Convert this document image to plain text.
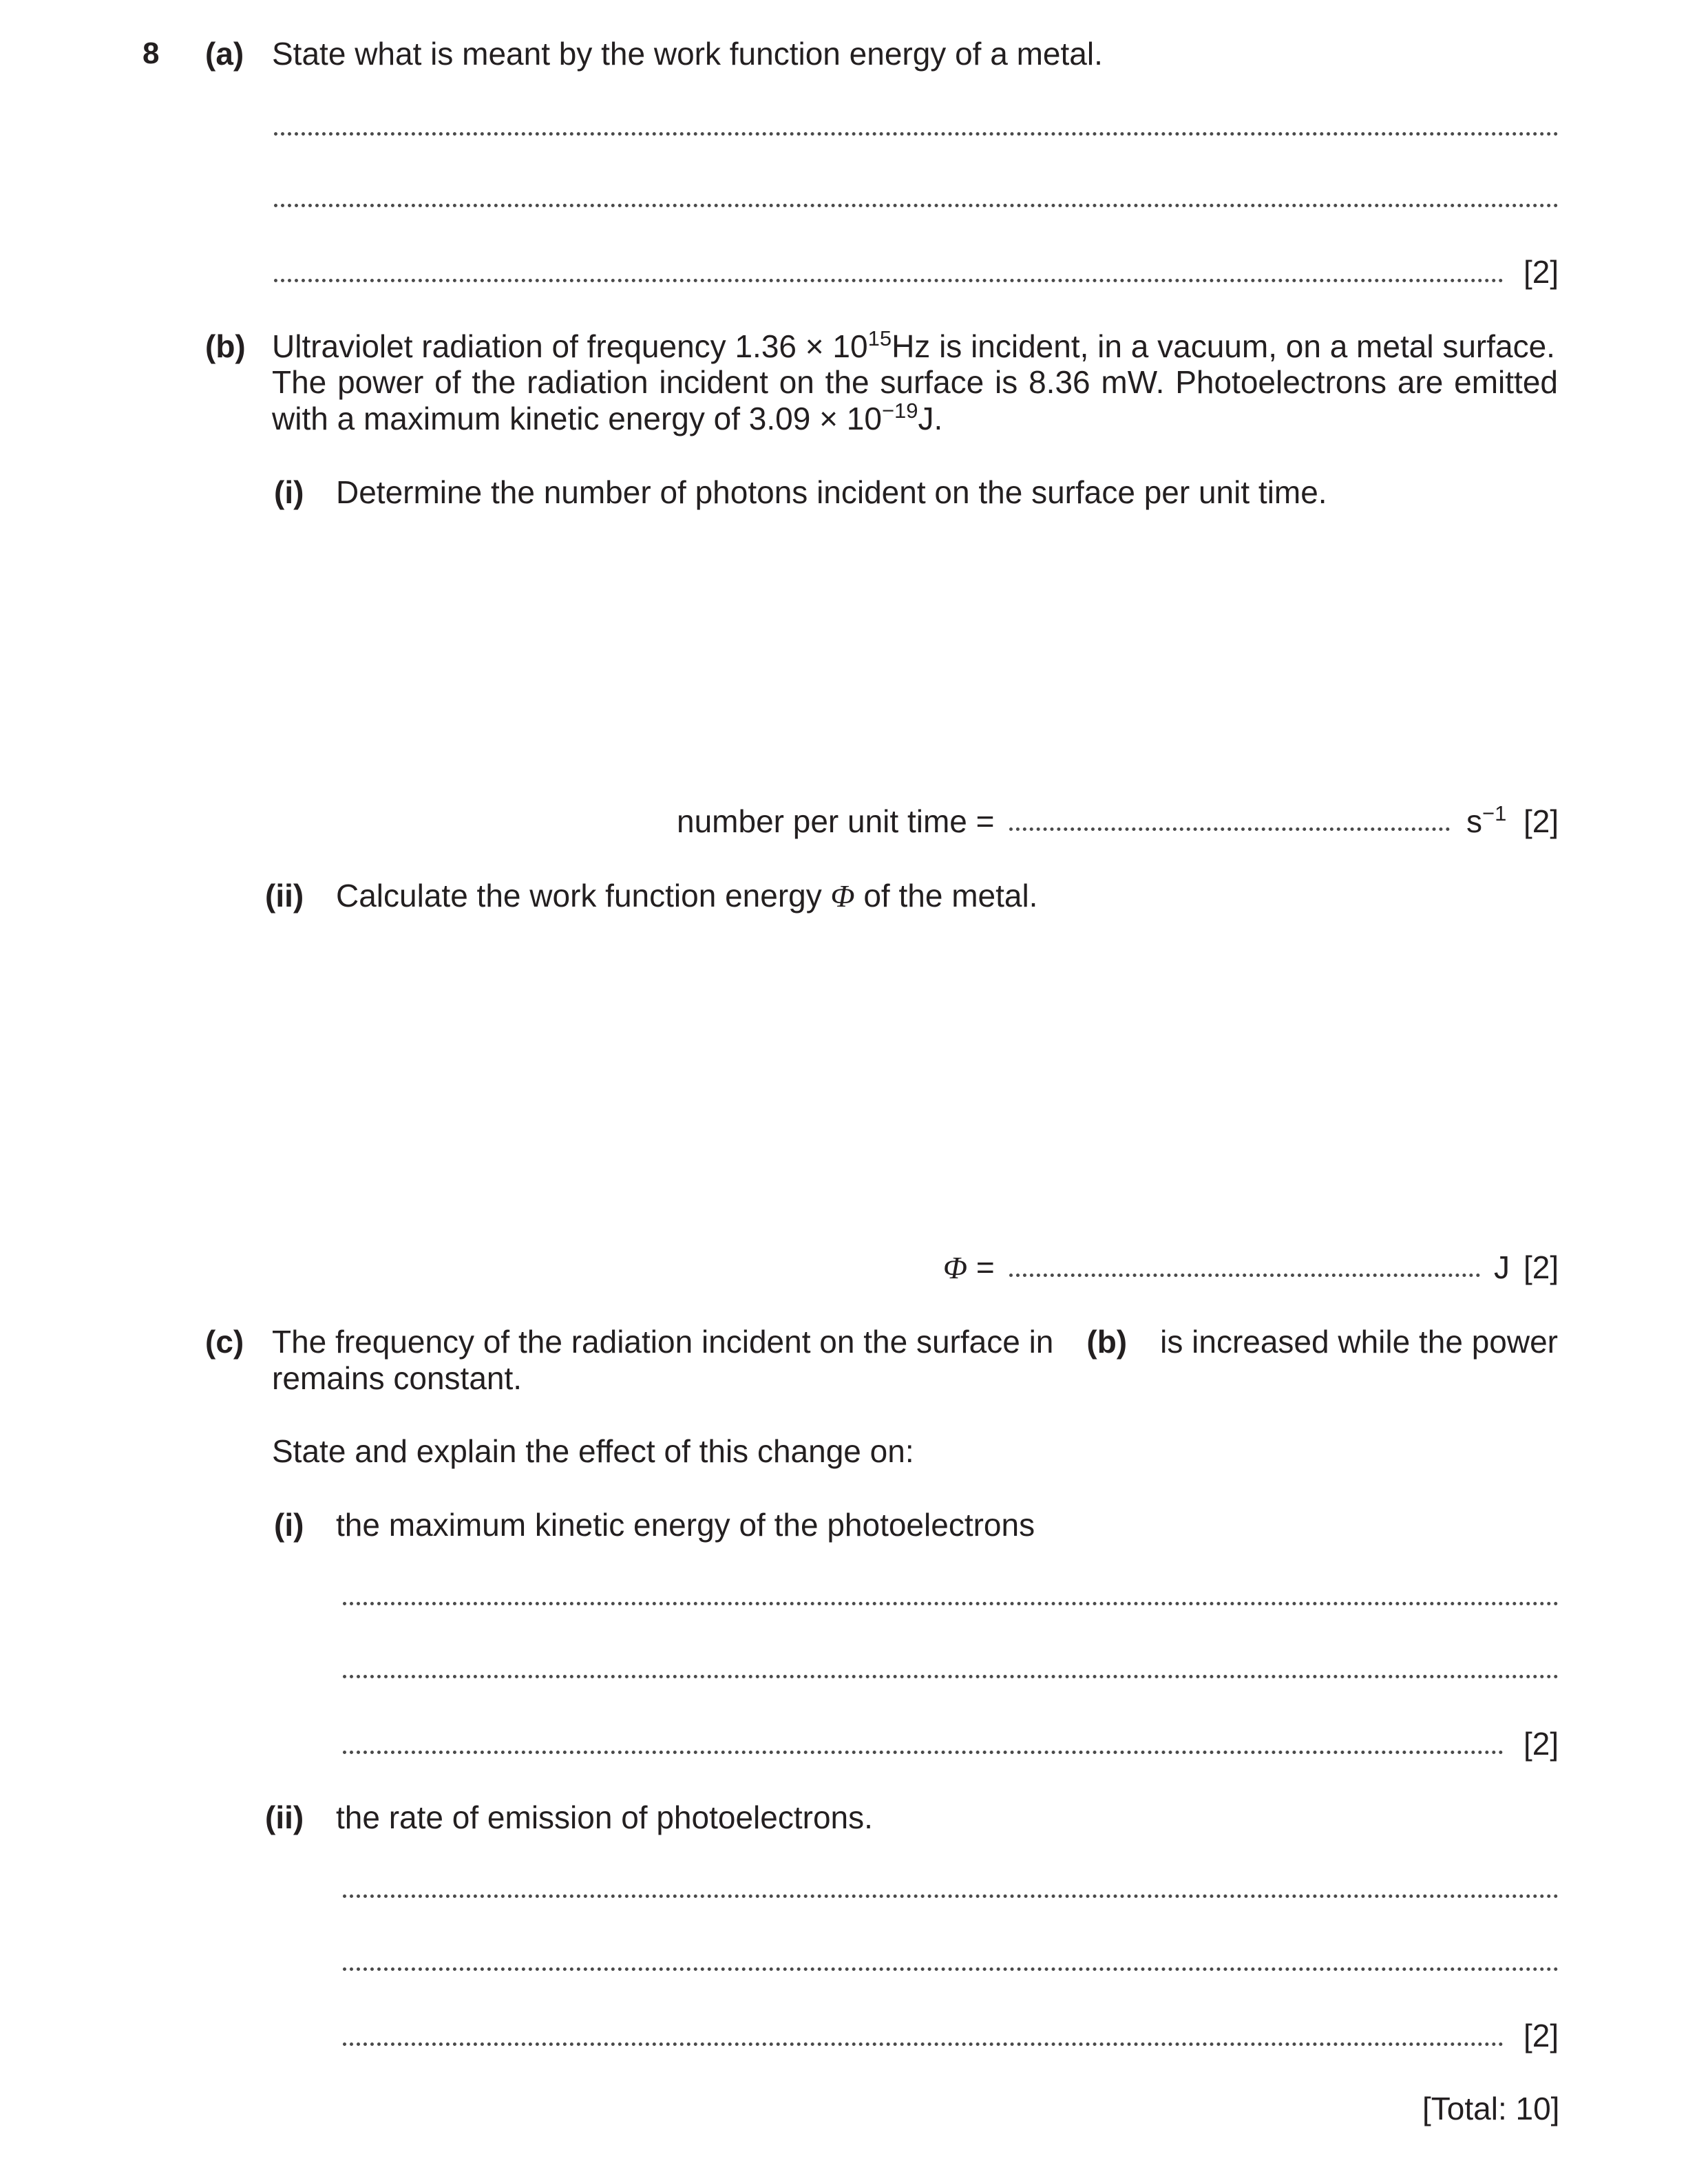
8 (a) State what is meant by the work function energy of a metal.
[2]
(b) Ultraviolet radiation of frequency $1.36 \times 10^{15}Hz$ is incident, in a vacuum, on a metal surface.
The power of the radiation incident on the surface is 8.36 mW. Photoelectrons are emitted
with a maximum kinetic energy of $3.09 \times 10^{-19}J$.
(i) Determine the number of photons incident on the surface per unit time.
number per unit time =	$s^{-1}$ [2]
(ii) Calculate the work function energy Φ of the metal.
Φ =	J [2]
(c) The frequency of the radiation incident on the surface in (b) is increased while the power
remains constant.
State and explain the effect of this change on:
(i) the maximum kinetic energy of the photoelectrons
[2]
(ii) the rate of emission of photoelectrons.
[2]
[Total: 10]
